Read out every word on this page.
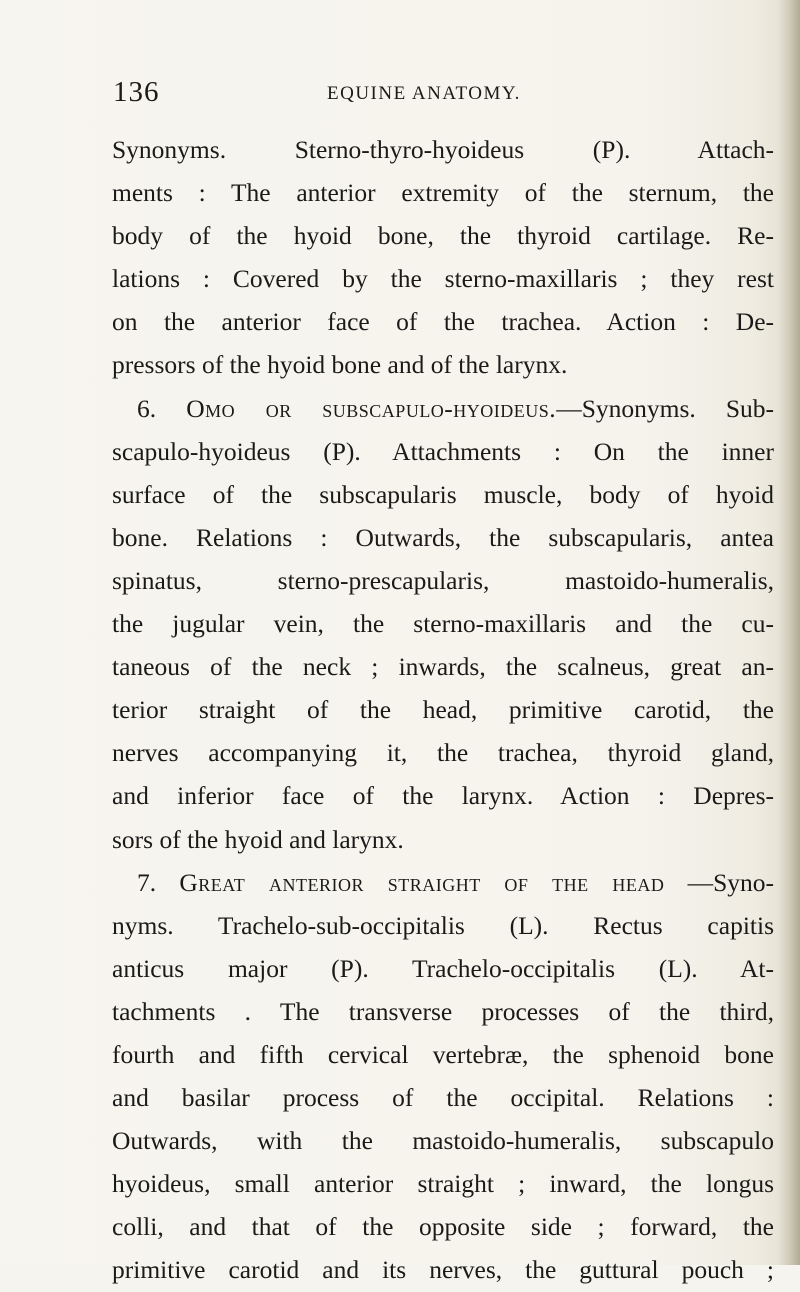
136	EQUINE ANATOMY.
Synonyms. Sterno-thyro-hyoideus (P). Attach-
ments : The anterior extremity of the sternum, the
body of the hyoid bone, the thyroid cartilage. Re-
lations : Covered by the sterno-maxillaris ; they rest
on the anterior face of the trachea. Action : De-
pressors of the hyoid bone and of the larynx.
6. Omo or subscapulo-hyoideus.—Synonyms. Sub-
scapulo-hyoideus (P). Attachments : On the inner
surface of the subscapularis muscle, body of hyoid
bone. Relations : Outwards, the subscapularis, antea
spinatus, sterno-prescapularis, mastoido-humeralis,
the jugular vein, the sterno-maxillaris and the cu-
taneous of the neck ; inwards, the scalneus, great an-
terior straight of the head, primitive carotid, the
nerves accompanying it, the trachea, thyroid gland,
and inferior face of the larynx. Action : Depres-
sors of the hyoid and larynx.
7. Great anterior straight of the head —Syno-
nyms. Trachelo-sub-occipitalis (L). Rectus capitis
anticus major (P). Trachelo-occipitalis (L). At-
tachments . The transverse processes of the third,
fourth and fifth cervical vertebræ, the sphenoid bone
and basilar process of the occipital. Relations :
Outwards, with the mastoido-humeralis, subscapulo
hyoideus, small anterior straight ; inward, the longus
colli, and that of the opposite side ; forward, the
primitive carotid and its nerves, the guttural pouch ;
